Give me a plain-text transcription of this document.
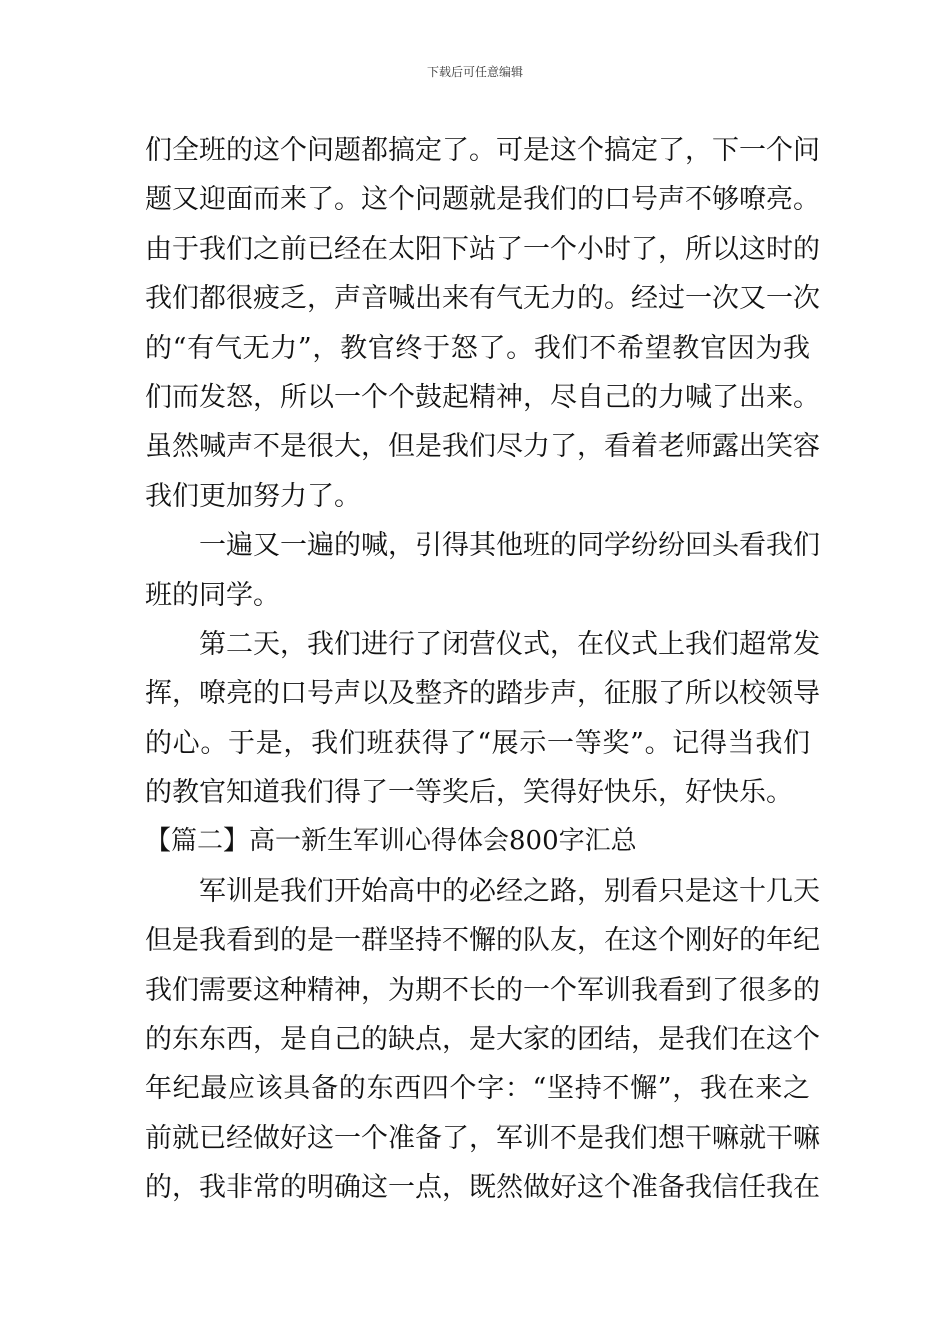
下载后可任意编辑
们全班的这个问题都搞定了。可是这个搞定了，下一个问
题又迎面而来了。这个问题就是我们的口号声不够嘹亮。
由于我们之前已经在太阳下站了一个小时了，所以这时的
我们都很疲乏，声音喊出来有气无力的。经过一次又一次
的“有气无力”，教官终于怒了。我们不希望教官因为我
们而发怒，所以一个个鼓起精神，尽自己的力喊了出来。
虽然喊声不是很大，但是我们尽力了，看着老师露出笑容
我们更加努力了。
一遍又一遍的喊，引得其他班的同学纷纷回头看我们
班的同学。
第二天，我们进行了闭营仪式，在仪式上我们超常发
挥，嘹亮的口号声以及整齐的踏步声，征服了所以校领导
的心。于是，我们班获得了“展示一等奖”。记得当我们
的教官知道我们得了一等奖后，笑得好快乐，好快乐。
【篇二】高一新生军训心得体会800字汇总
军训是我们开始高中的必经之路，别看只是这十几天
但是我看到的是一群坚持不懈的队友，在这个刚好的年纪
我们需要这种精神，为期不长的一个军训我看到了很多的
的东东西，是自己的缺点，是大家的团结，是我们在这个
年纪最应该具备的东西四个字：“坚持不懈”，我在来之
前就已经做好这一个准备了，军训不是我们想干嘛就干嘛
的，我非常的明确这一点，既然做好这个准备我信任我在
